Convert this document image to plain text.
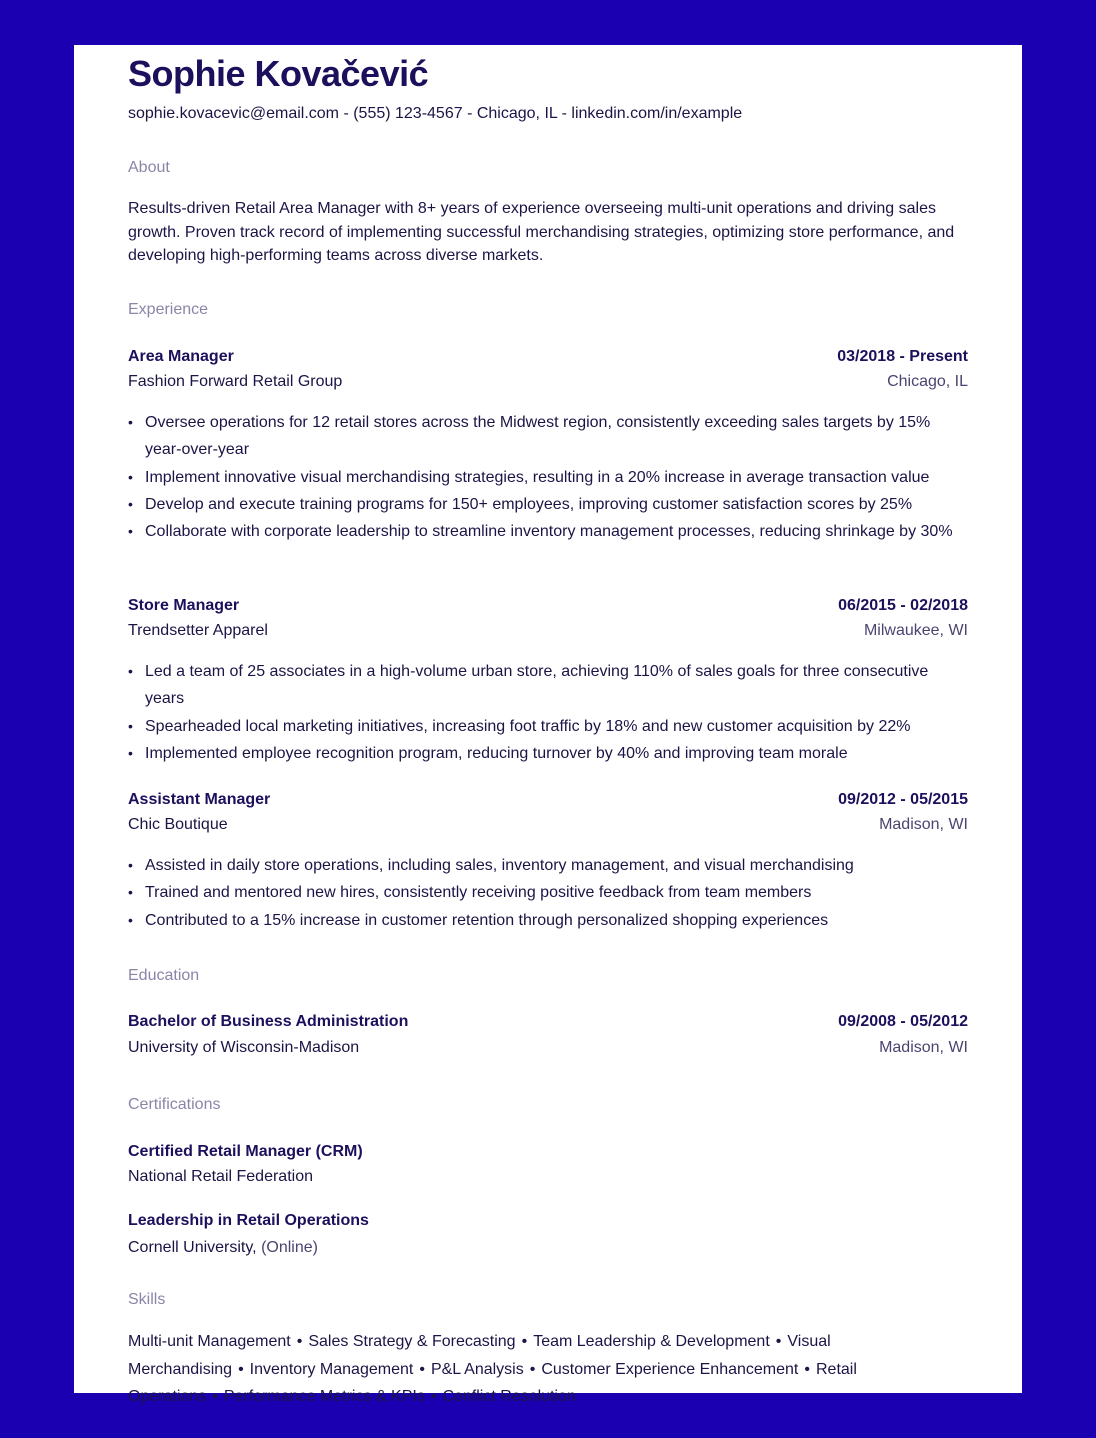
Sophie Kovačević
sophie.kovacevic@email.com - (555) 123-4567 - Chicago, IL - linkedin.com/in/example
About
Results-driven Retail Area Manager with 8+ years of experience overseeing multi-unit operations and driving sales growth. Proven track record of implementing successful merchandising strategies, optimizing store performance, and developing high-performing teams across diverse markets.
Experience
Area Manager	03/2018 - Present
Fashion Forward Retail Group	Chicago, IL
• Oversee operations for 12 retail stores across the Midwest region, consistently exceeding sales targets by 15% year-over-year
• Implement innovative visual merchandising strategies, resulting in a 20% increase in average transaction value
• Develop and execute training programs for 150+ employees, improving customer satisfaction scores by 25%
• Collaborate with corporate leadership to streamline inventory management processes, reducing shrinkage by 30%
Store Manager	06/2015 - 02/2018
Trendsetter Apparel	Milwaukee, WI
• Led a team of 25 associates in a high-volume urban store, achieving 110% of sales goals for three consecutive years
• Spearheaded local marketing initiatives, increasing foot traffic by 18% and new customer acquisition by 22%
• Implemented employee recognition program, reducing turnover by 40% and improving team morale
Assistant Manager	09/2012 - 05/2015
Chic Boutique	Madison, WI
• Assisted in daily store operations, including sales, inventory management, and visual merchandising
• Trained and mentored new hires, consistently receiving positive feedback from team members
• Contributed to a 15% increase in customer retention through personalized shopping experiences
Education
Bachelor of Business Administration	09/2008 - 05/2012
University of Wisconsin-Madison	Madison, WI
Certifications
Certified Retail Manager (CRM)
National Retail Federation
Leadership in Retail Operations
Cornell University, (Online)
Skills
Multi-unit Management • Sales Strategy & Forecasting • Team Leadership & Development • Visual Merchandising • Inventory Management • P&L Analysis • Customer Experience Enhancement • Retail Operations • Performance Metrics & KPIs • Conflict Resolution
